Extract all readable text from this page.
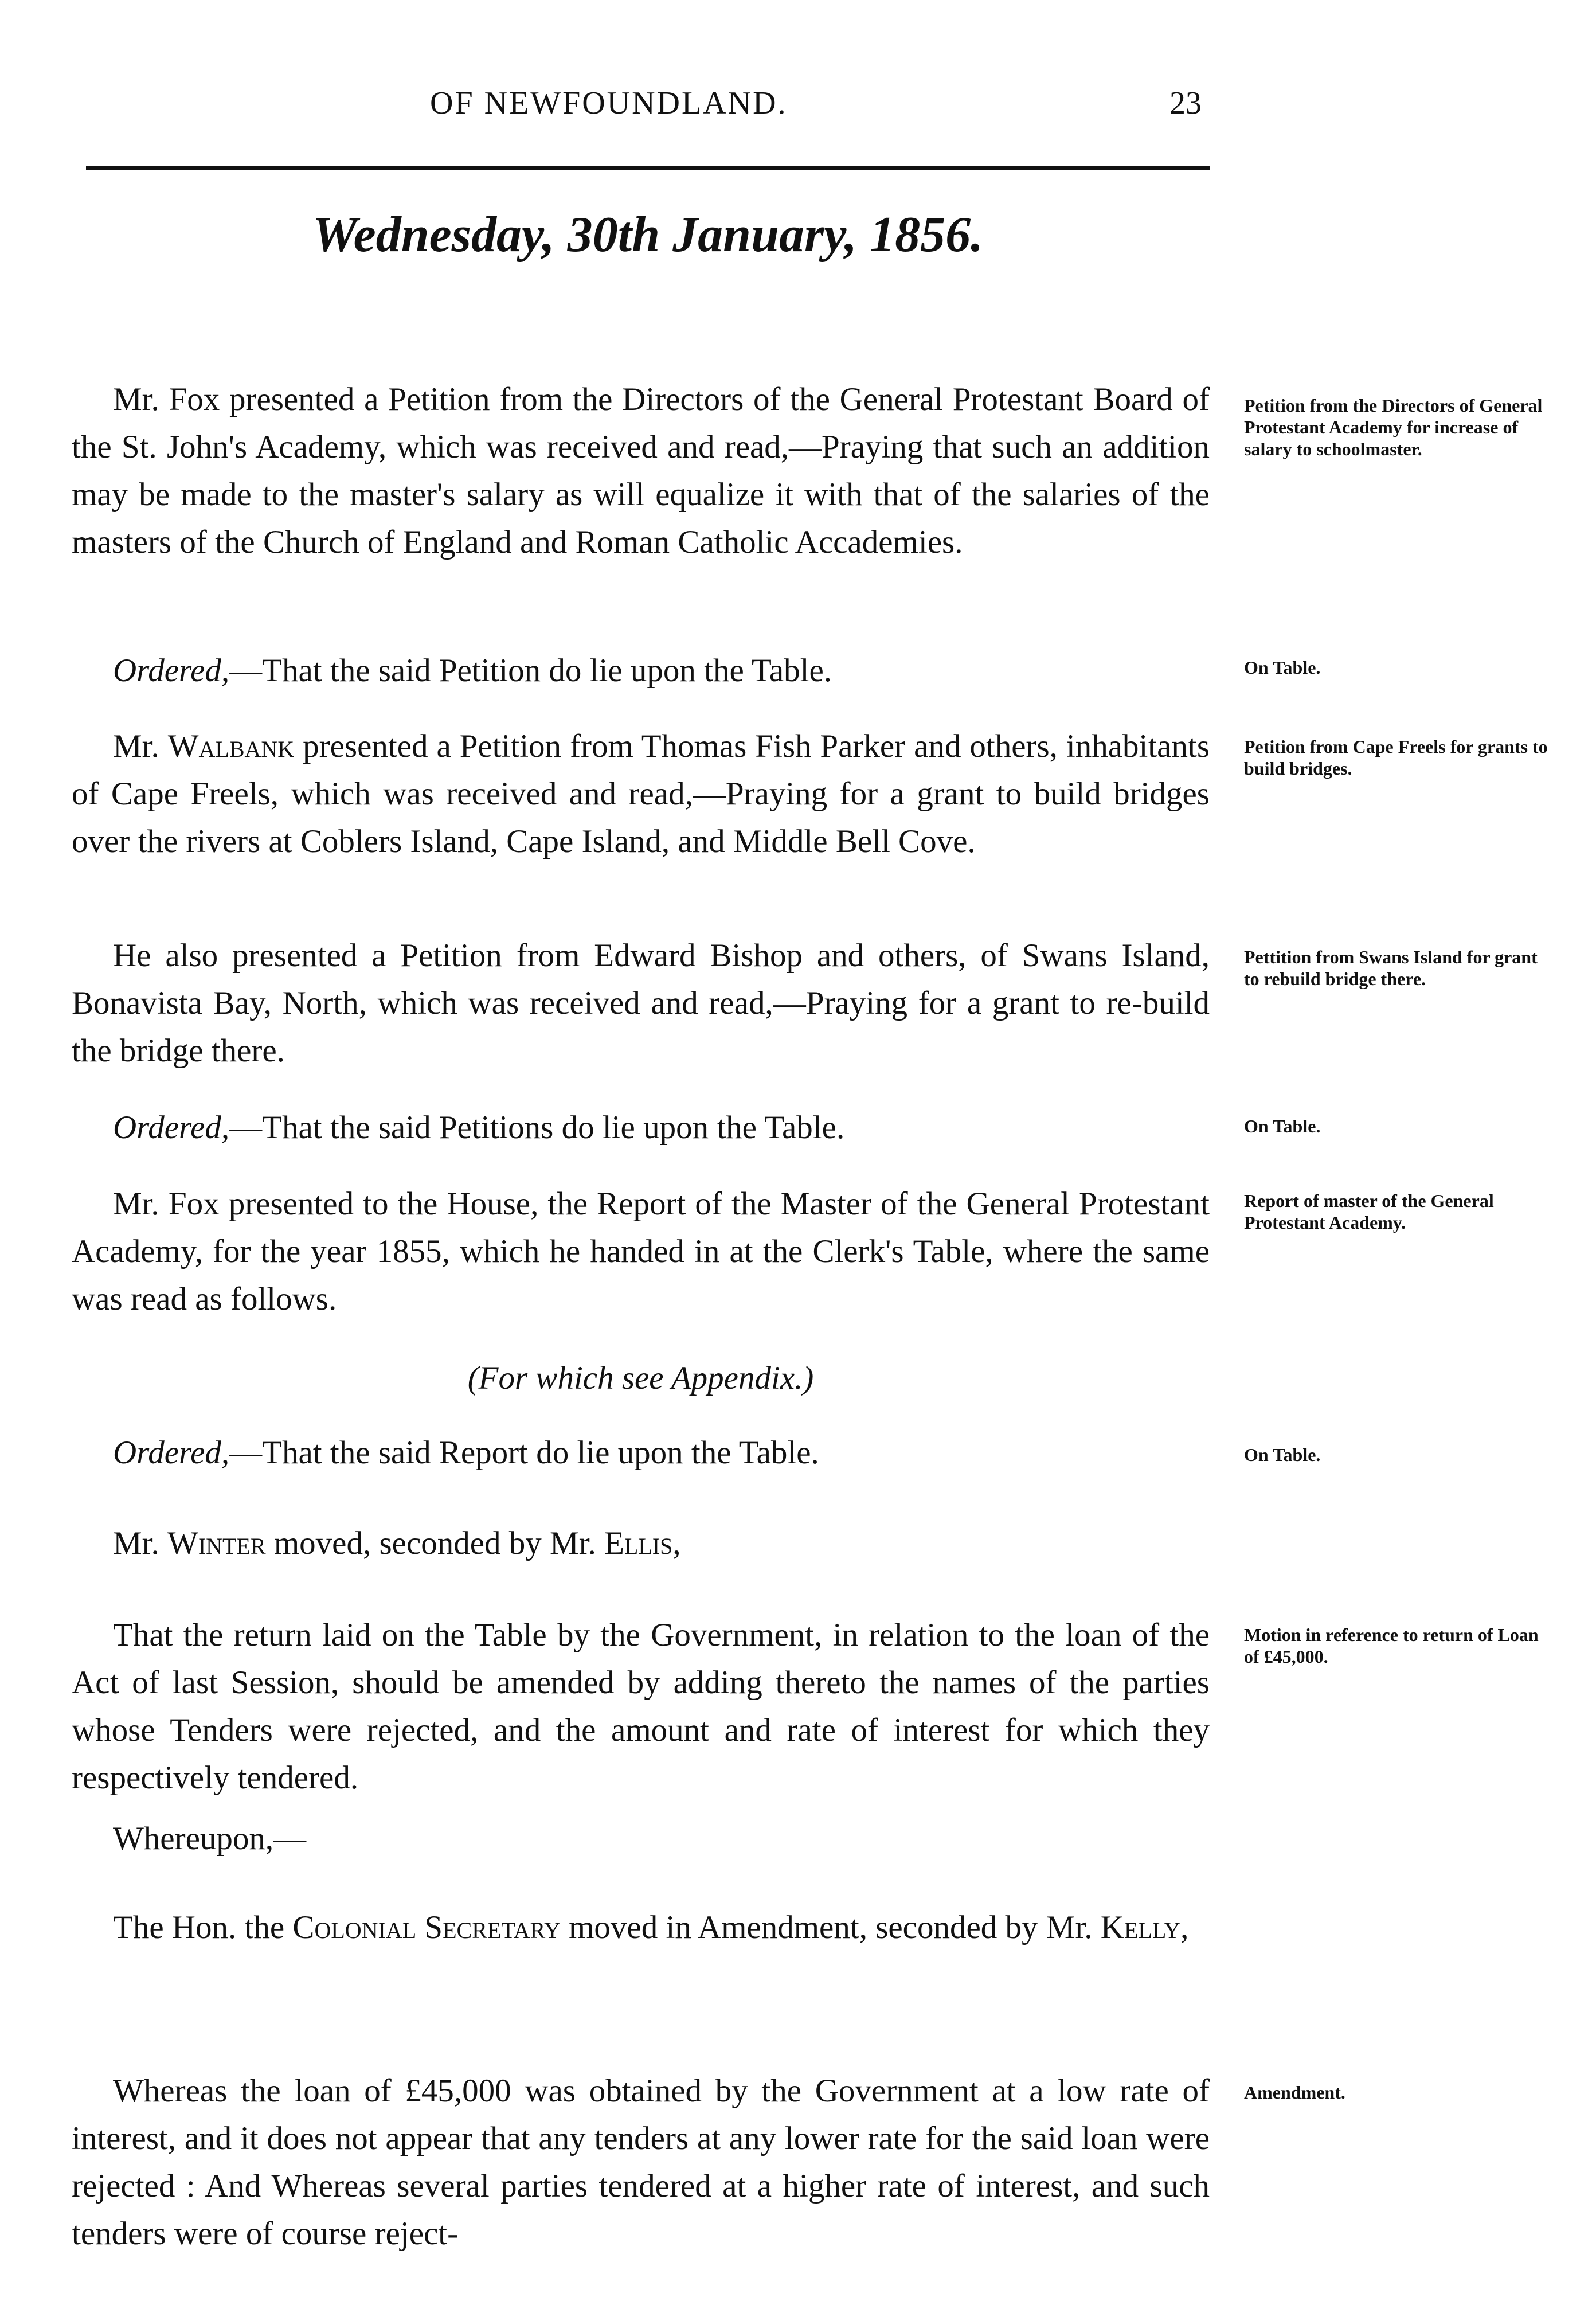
OF NEWFOUNDLAND.	23
Wednesday, 30th January, 1856.

Mr. Fox presented a Petition from the Directors of the General Protestant Board of the St. John's Academy, which was received and read,—Praying that such an addition may be made to the master's salary as will equalize it with that of the salaries of the masters of the Church of England and Roman Catholic Accademies.

Petition from the Directors of General Protestant Academy for increase of salary to schoolmaster.

Ordered,—That the said Petition do lie upon the Table.	On Table.

Mr. Walbank presented a Petition from Thomas Fish Parker and others, inhabitants of Cape Freels, which was received and read,—Praying for a grant to build bridges over the rivers at Coblers Island, Cape Island, and Middle Bell Cove.

Petition from Cape Freels for grants to build bridges.

He also presented a Petition from Edward Bishop and others, of Swans Island, Bonavista Bay, North, which was received and read,—Praying for a grant to re-build the bridge there.

Pettition from Swans Island for grant to rebuild bridge there.

Ordered,—That the said Petitions do lie upon the Table.	On Table.

Mr. Fox presented to the House, the Report of the Master of the General Protestant Academy, for the year 1855, which he handed in at the Clerk's Table, where the same was read as follows.

Report of master of the General Protestant Academy.

(For which see Appendix.)

Ordered,—That the said Report do lie upon the Table.	On Table.

Mr. Winter moved, seconded by Mr. Ellis,

That the return laid on the Table by the Government, in relation to the loan of the Act of last Session, should be amended by adding thereto the names of the parties whose Tenders were rejected, and the amount and rate of interest for which they respectively tendered.

Motion in reference to return of Loan of £45,000.

Whereupon,—

The Hon. the Colonial Secretary moved in Amendment, seconded by Mr. Kelly,

Whereas the loan of £45,000 was obtained by the Government at a low rate of interest, and it does not appear that any tenders at any lower rate for the said loan were rejected : And Whereas several parties tendered at a higher rate of interest, and such tenders were of course reject-

Amendment.
